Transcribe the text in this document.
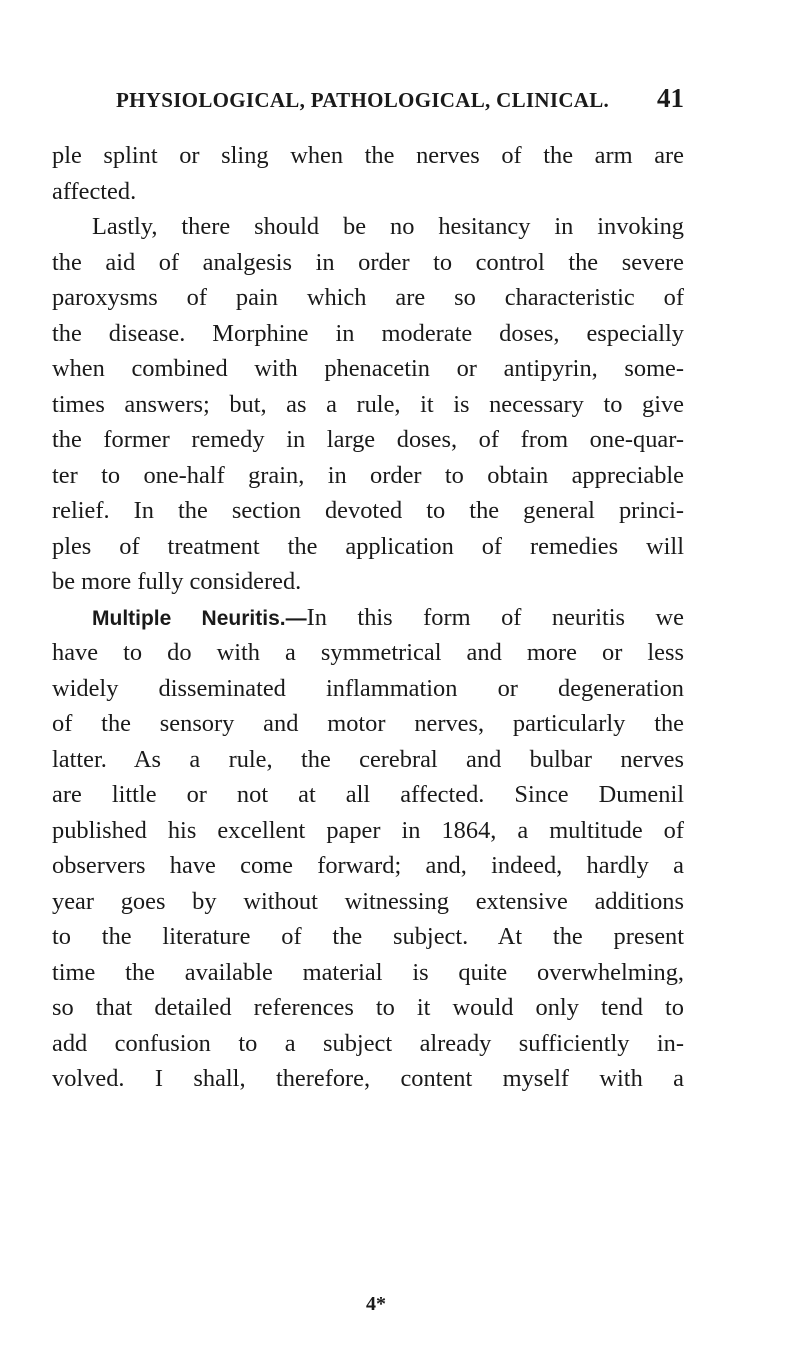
PHYSIOLOGICAL, PATHOLOGICAL, CLINICAL. 41
ple splint or sling when the nerves of the arm are
affected.
Lastly, there should be no hesitancy in invoking
the aid of analgesis in order to control the severe
paroxysms of pain which are so characteristic of
the disease. Morphine in moderate doses, especially
when combined with phenacetin or antipyrin, some-
times answers; but, as a rule, it is necessary to give
the former remedy in large doses, of from one-quar-
ter to one-half grain, in order to obtain appreciable
relief. In the section devoted to the general princi-
ples of treatment the application of remedies will
be more fully considered.
Multiple Neuritis.—In this form of neuritis we
have to do with a symmetrical and more or less
widely disseminated inflammation or degeneration
of the sensory and motor nerves, particularly the
latter. As a rule, the cerebral and bulbar nerves
are little or not at all affected. Since Dumenil
published his excellent paper in 1864, a multitude of
observers have come forward; and, indeed, hardly a
year goes by without witnessing extensive additions
to the literature of the subject. At the present
time the available material is quite overwhelming,
so that detailed references to it would only tend to
add confusion to a subject already sufficiently in-
volved. I shall, therefore, content myself with a
4*
